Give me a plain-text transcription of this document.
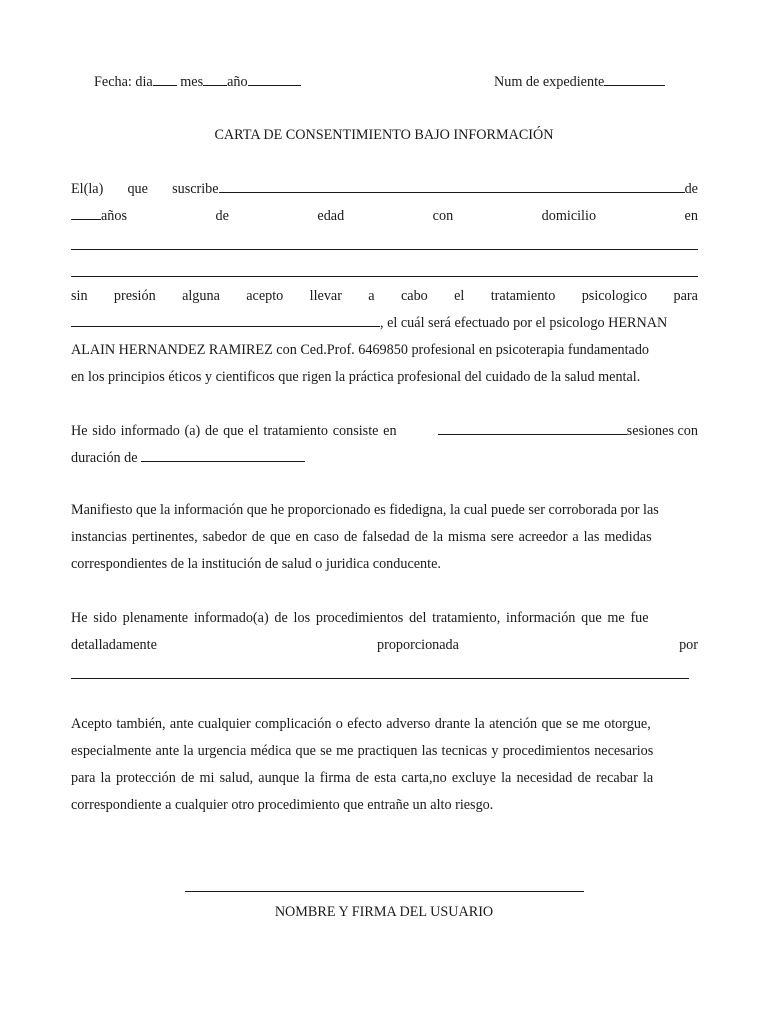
Fecha: dia mes año	Num de expediente
CARTA DE CONSENTIMIENTO BAJO INFORMACIÓN
El(la) que suscribe	de
años	de	edad	con	domicilio	en
sin presión alguna acepto llevar a cabo el tratamiento psicologico para
, el cuál será efectuado por el psicologo HERNAN
ALAIN HERNANDEZ RAMIREZ con Ced.Prof. 6469850 profesional en psicoterapia fundamentado
en los principios éticos y cientificos que rigen la práctica profesional del cuidado de la salud mental.
He sido informado (a) de que el tratamiento consiste en	sesiones con
duración de
Manifiesto que la información que he proporcionado es fidedigna, la cual puede ser corroborada por las
instancias pertinentes, sabedor de que en caso de falsedad de la misma sere acreedor a las medidas
correspondientes de la institución de salud o juridica conducente.
He sido plenamente informado(a) de los procedimientos del tratamiento, información que me fue
detalladamente	proporcionada	por
Acepto también, ante cualquier complicación o efecto adverso drante la atención que se me otorgue,
especialmente ante la urgencia médica que se me practiquen las tecnicas y procedimientos necesarios
para la protección de mi salud, aunque la firma de esta carta,no excluye la necesidad de recabar la
correspondiente a cualquier otro procedimiento que entrañe un alto riesgo.
NOMBRE Y FIRMA DEL USUARIO
